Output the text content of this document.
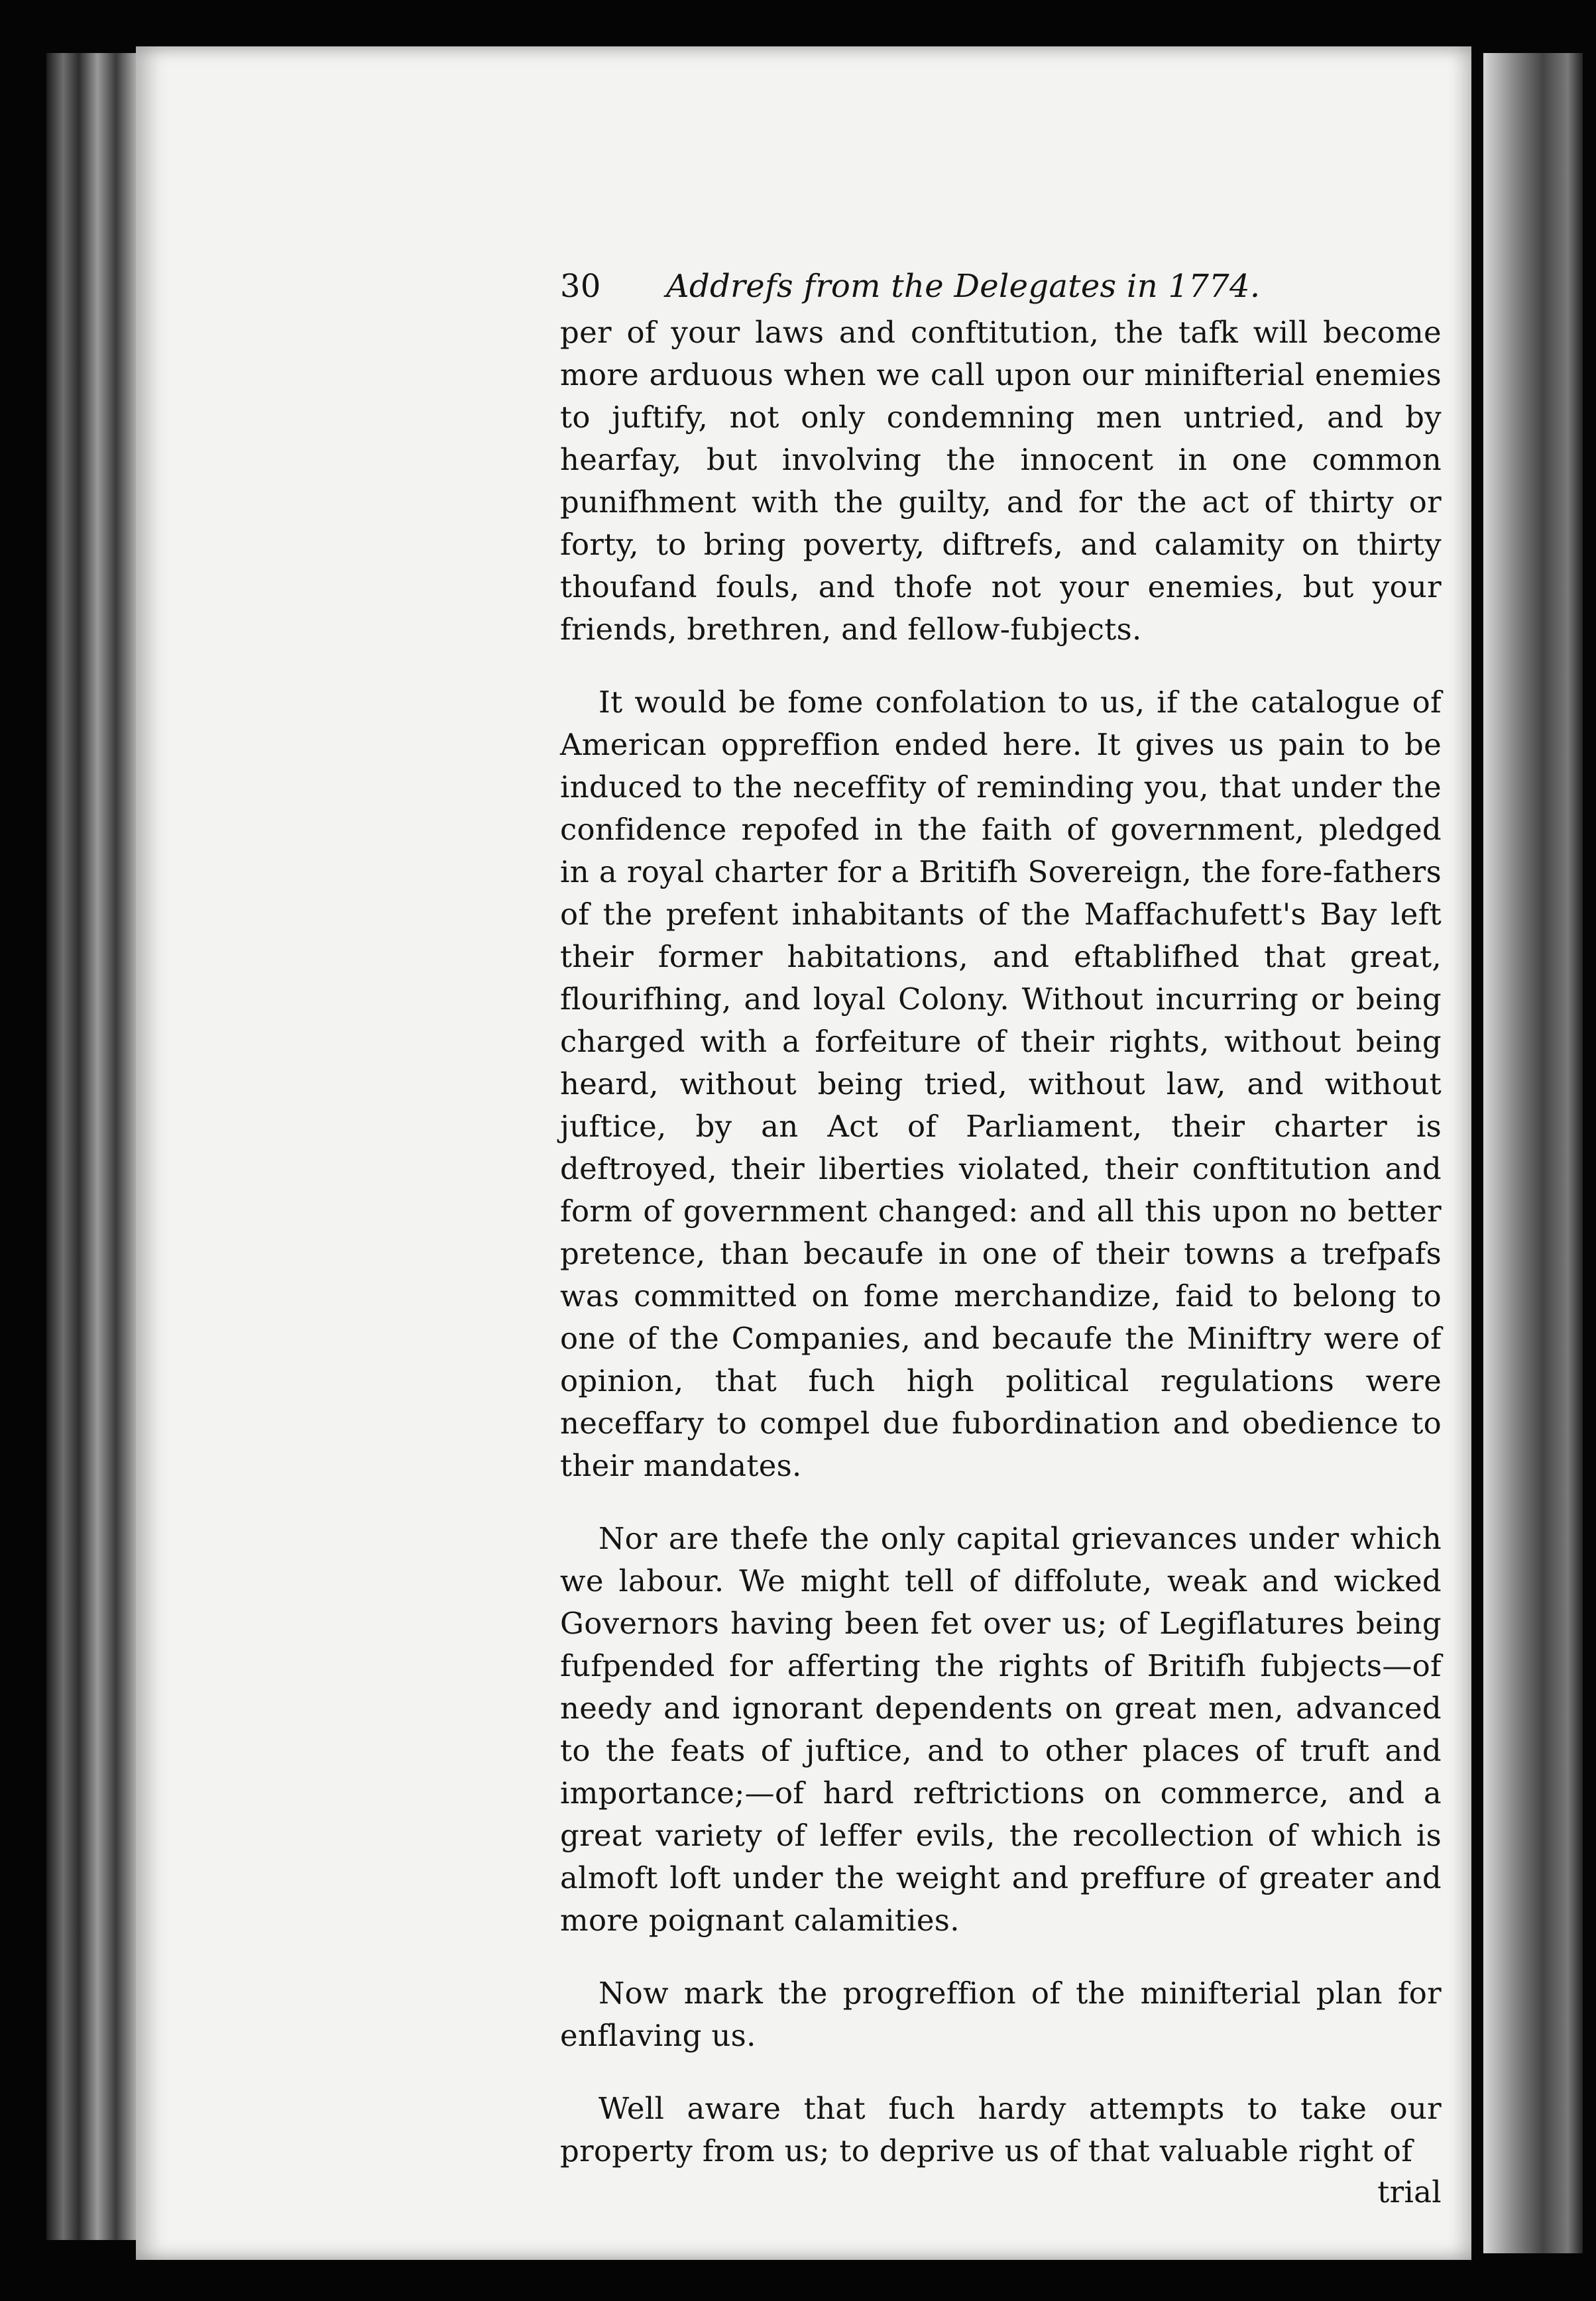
30	Addrefs from the Delegates in 1774.

per of your laws and conftitution, the tafk will become more arduous when we call upon our minifterial enemies to juftify, not only condemning men untried, and by hearfay, but involving the innocent in one common punifhment with the guilty, and for the act of thirty or forty, to bring poverty, diftrefs, and calamity on thirty thoufand fouls, and thofe not your enemies, but your friends, brethren, and fellow-fubjects.

It would be fome confolation to us, if the catalogue of American oppreffion ended here. It gives us pain to be induced to the neceffity of reminding you, that under the confidence repofed in the faith of government, pledged in a royal charter for a Britifh Sovereign, the fore-fathers of the prefent inhabitants of the Maffachufett's Bay left their former habitations, and eftablifhed that great, flourifhing, and loyal Colony. Without incurring or being charged with a forfeiture of their rights, without being heard, without being tried, without law, and without juftice, by an Act of Parliament, their charter is deftroyed, their liberties violated, their conftitution and form of government changed: and all this upon no better pretence, than becaufe in one of their towns a trefpafs was committed on fome merchandize, faid to belong to one of the Companies, and becaufe the Miniftry were of opinion, that fuch high political regulations were neceffary to compel due fubordination and obedience to their mandates.

Nor are thefe the only capital grievances under which we labour. We might tell of diffolute, weak and wicked Governors having been fet over us; of Legiflatures being fufpended for afferting the rights of Britifh fubjects—of needy and ignorant dependents on great men, advanced to the feats of juftice, and to other places of truft and importance;—of hard reftrictions on commerce, and a great variety of leffer evils, the recollection of which is almoft loft under the weight and preffure of greater and more poignant calamities.

Now mark the progreffion of the minifterial plan for enflaving us.

Well aware that fuch hardy attempts to take our property from us; to deprive us of that valuable right of

trial
